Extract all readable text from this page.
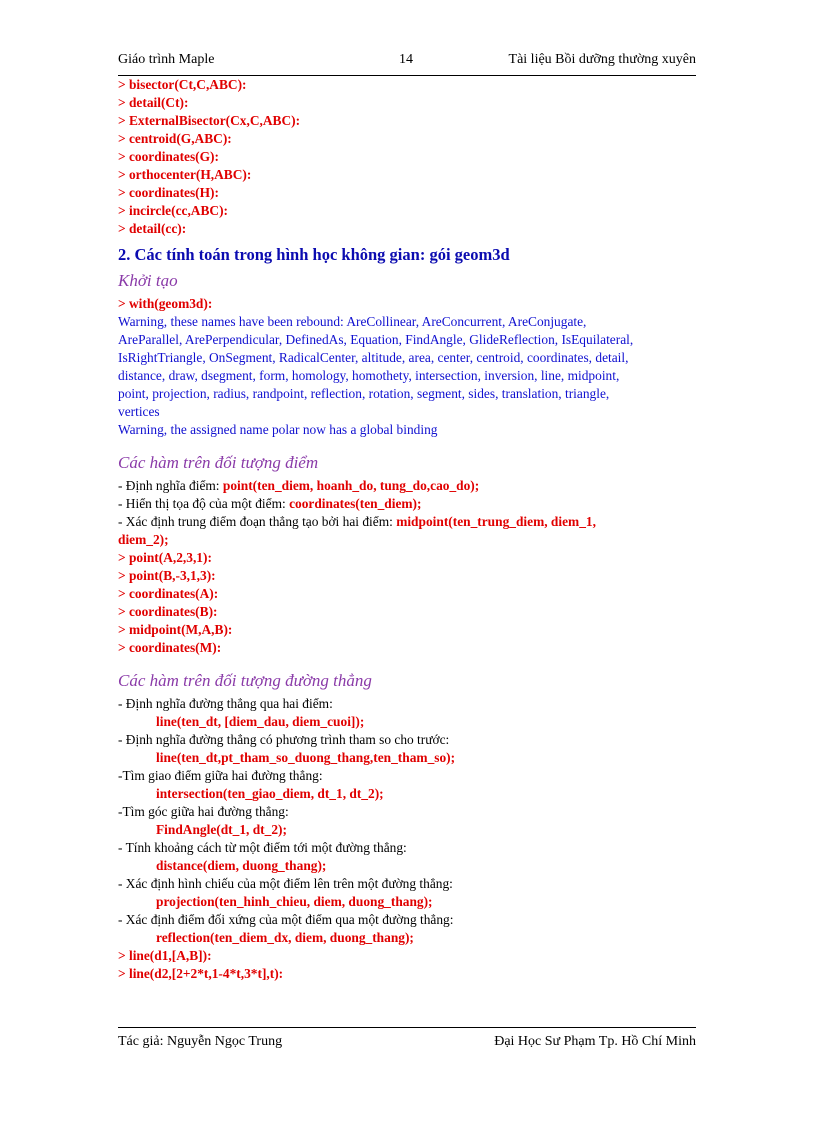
Giáo trình Maple	14	Tài liệu Bồi dưỡng thường xuyên
> bisector(Ct,C,ABC):
> detail(Ct):
> ExternalBisector(Cx,C,ABC):
> centroid(G,ABC):
> coordinates(G):
> orthocenter(H,ABC):
> coordinates(H):
> incircle(cc,ABC):
> detail(cc):
2. Các tính toán trong hình học không gian: gói geom3d
Khởi tạo
> with(geom3d):
Warning, these names have been rebound: AreCollinear, AreConcurrent, AreConjugate,
AreParallel, ArePerpendicular, DefinedAs, Equation, FindAngle, GlideReflection, IsEquilateral,
IsRightTriangle, OnSegment, RadicalCenter, altitude, area, center, centroid, coordinates, detail,
distance, draw, dsegment, form, homology, homothety, intersection, inversion, line, midpoint,
point, projection, radius, randpoint, reflection, rotation, segment, sides, translation, triangle,
vertices
Warning, the assigned name polar now has a global binding
Các hàm trên đối tượng điểm
- Định nghĩa điểm: point(ten_diem, hoanh_do, tung_do,cao_do);
- Hiển thị tọa độ của một điểm: coordinates(ten_diem);
- Xác định trung điểm đoạn thẳng tạo bởi hai điểm: midpoint(ten_trung_diem, diem_1,
diem_2);
> point(A,2,3,1):
> point(B,-3,1,3):
> coordinates(A):
> coordinates(B):
> midpoint(M,A,B):
> coordinates(M):
Các hàm trên đối tượng đường thẳng
- Định nghĩa đường thẳng qua hai điểm:
line(ten_dt, [diem_dau, diem_cuoi]);
- Định nghĩa đường thẳng có phương trình tham so cho trước:
line(ten_dt,pt_tham_so_duong_thang,ten_tham_so);
-Tìm giao điểm giữa hai đường thẳng:
intersection(ten_giao_diem, dt_1, dt_2);
-Tìm góc giữa hai đường thẳng:
FindAngle(dt_1, dt_2);
- Tính khoảng cách từ một điểm tới một đường thẳng:
distance(diem, duong_thang);
- Xác định hình chiếu của một điểm lên trên một đường thẳng:
projection(ten_hinh_chieu, diem, duong_thang);
- Xác định điểm đối xứng của một điểm qua một đường thẳng:
reflection(ten_diem_dx, diem, duong_thang);
> line(d1,[A,B]):
> line(d2,[2+2*t,1-4*t,3*t],t):
Tác giả: Nguyễn Ngọc Trung	Đại Học Sư Phạm Tp. Hồ Chí Minh
